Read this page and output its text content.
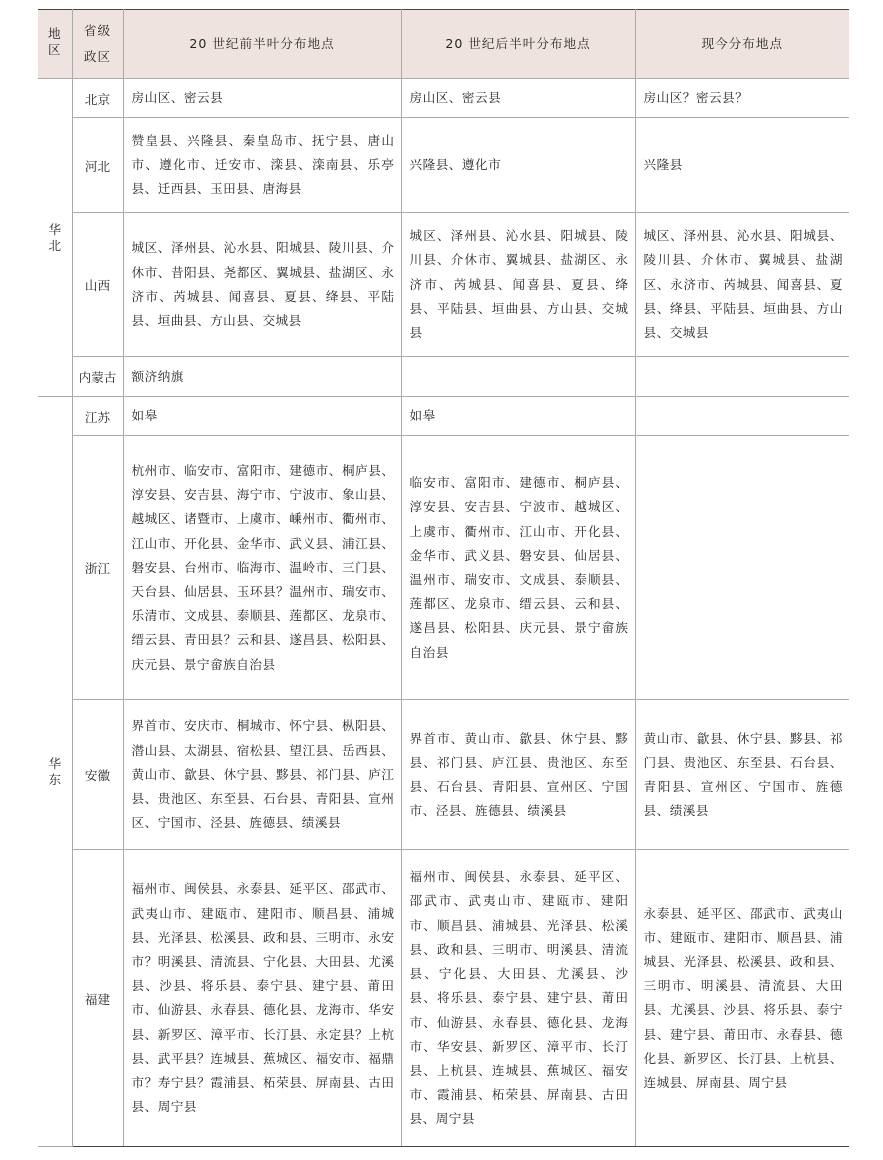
地区	省级政区	20 世纪前半叶分布地点	20 世纪后半叶分布地点	现今分布地点
华北	北京	房山区、密云县	房山区、密云县	房山区？密云县？
	河北	赞皇县、兴隆县、秦皇岛市、抚宁县、唐山市、遵化市、迁安市、滦县、滦南县、乐亭县、迁西县、玉田县、唐海县	兴隆县、遵化市	兴隆县
	山西	城区、泽州县、沁水县、阳城县、陵川县、介休市、昔阳县、尧都区、翼城县、盐湖区、永济市、芮城县、闻喜县、夏县、绛县、平陆县、垣曲县、方山县、交城县	城区、泽州县、沁水县、阳城县、陵川县、介休市、翼城县、盐湖区、永济市、芮城县、闻喜县、夏县、绛县、平陆县、垣曲县、方山县、交城县	城区、泽州县、沁水县、阳城县、陵川县、介休市、翼城县、盐湖区、永济市、芮城县、闻喜县、夏县、绛县、平陆县、垣曲县、方山县、交城县
	内蒙古	额济纳旗		
华东	江苏	如皋	如皋	
	浙江	杭州市、临安市、富阳市、建德市、桐庐县、淳安县、安吉县、海宁市、宁波市、象山县、越城区、诸暨市、上虞市、嵊州市、衢州市、江山市、开化县、金华市、武义县、浦江县、磐安县、台州市、临海市、温岭市、三门县、天台县、仙居县、玉环县？温州市、瑞安市、乐清市、文成县、泰顺县、莲都区、龙泉市、缙云县、青田县？云和县、遂昌县、松阳县、庆元县、景宁畲族自治县	临安市、富阳市、建德市、桐庐县、淳安县、安吉县、宁波市、越城区、上虞市、衢州市、江山市、开化县、金华市、武义县、磐安县、仙居县、温州市、瑞安市、文成县、泰顺县、莲都区、龙泉市、缙云县、云和县、遂昌县、松阳县、庆元县、景宁畲族自治县	
	安徽	界首市、安庆市、桐城市、怀宁县、枞阳县、潜山县、太湖县、宿松县、望江县、岳西县、黄山市、歙县、休宁县、黟县、祁门县、庐江县、贵池区、东至县、石台县、青阳县、宣州区、宁国市、泾县、旌德县、绩溪县	界首市、黄山市、歙县、休宁县、黟县、祁门县、庐江县、贵池区、东至县、石台县、青阳县、宣州区、宁国市、泾县、旌德县、绩溪县	黄山市、歙县、休宁县、黟县、祁门县、贵池区、东至县、石台县、青阳县、宣州区、宁国市、旌德县、绩溪县
	福建	福州市、闽侯县、永泰县、延平区、邵武市、武夷山市、建瓯市、建阳市、顺昌县、浦城县、光泽县、松溪县、政和县、三明市、永安市？明溪县、清流县、宁化县、大田县、尤溪县、沙县、将乐县、泰宁县、建宁县、莆田市、仙游县、永春县、德化县、龙海市、华安县、新罗区、漳平市、长汀县、永定县？上杭县、武平县？连城县、蕉城区、福安市、福鼎市？寿宁县？霞浦县、柘荣县、屏南县、古田县、周宁县	福州市、闽侯县、永泰县、延平区、邵武市、武夷山市、建瓯市、建阳市、顺昌县、浦城县、光泽县、松溪县、政和县、三明市、明溪县、清流县、宁化县、大田县、尤溪县、沙县、将乐县、泰宁县、建宁县、莆田市、仙游县、永春县、德化县、龙海市、华安县、新罗区、漳平市、长汀县、上杭县、连城县、蕉城区、福安市、霞浦县、柘荣县、屏南县、古田县、周宁县	永泰县、延平区、邵武市、武夷山市、建瓯市、建阳市、顺昌县、浦城县、光泽县、松溪县、政和县、三明市、明溪县、清流县、大田县、尤溪县、沙县、将乐县、泰宁县、建宁县、莆田市、永春县、德化县、新罗区、长汀县、上杭县、连城县、屏南县、周宁县
